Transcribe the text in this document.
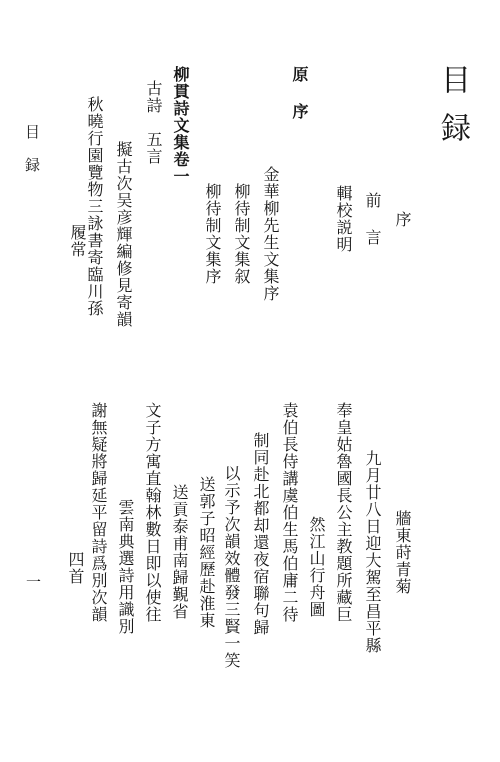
目録
目録
一
序
前 言
輯校説明
原 序
金華柳先生文集序
柳待制文集叙
柳待制文集序
柳貫詩文集卷一
古詩　五言
擬古次吴彦輝編修見寄韻
秋曉行園覽物三詠書寄臨川孫
履常
牆東莳青菊
九月廿八日迎大駕至昌平縣
奉皇姑魯國長公主教題所藏巨
然江山行舟圖
袁伯長侍講虞伯生馬伯庸二待
制同赴北都却還夜宿聯句歸
以示予次韻效體發三賢一笑
送郭子昭經歷赴淮東
送貢泰甫南歸覲省
文子方寓直翰林數日即以使往
雲南典選詩用識別
謝無疑將歸延平留詩爲別次韻
四首
